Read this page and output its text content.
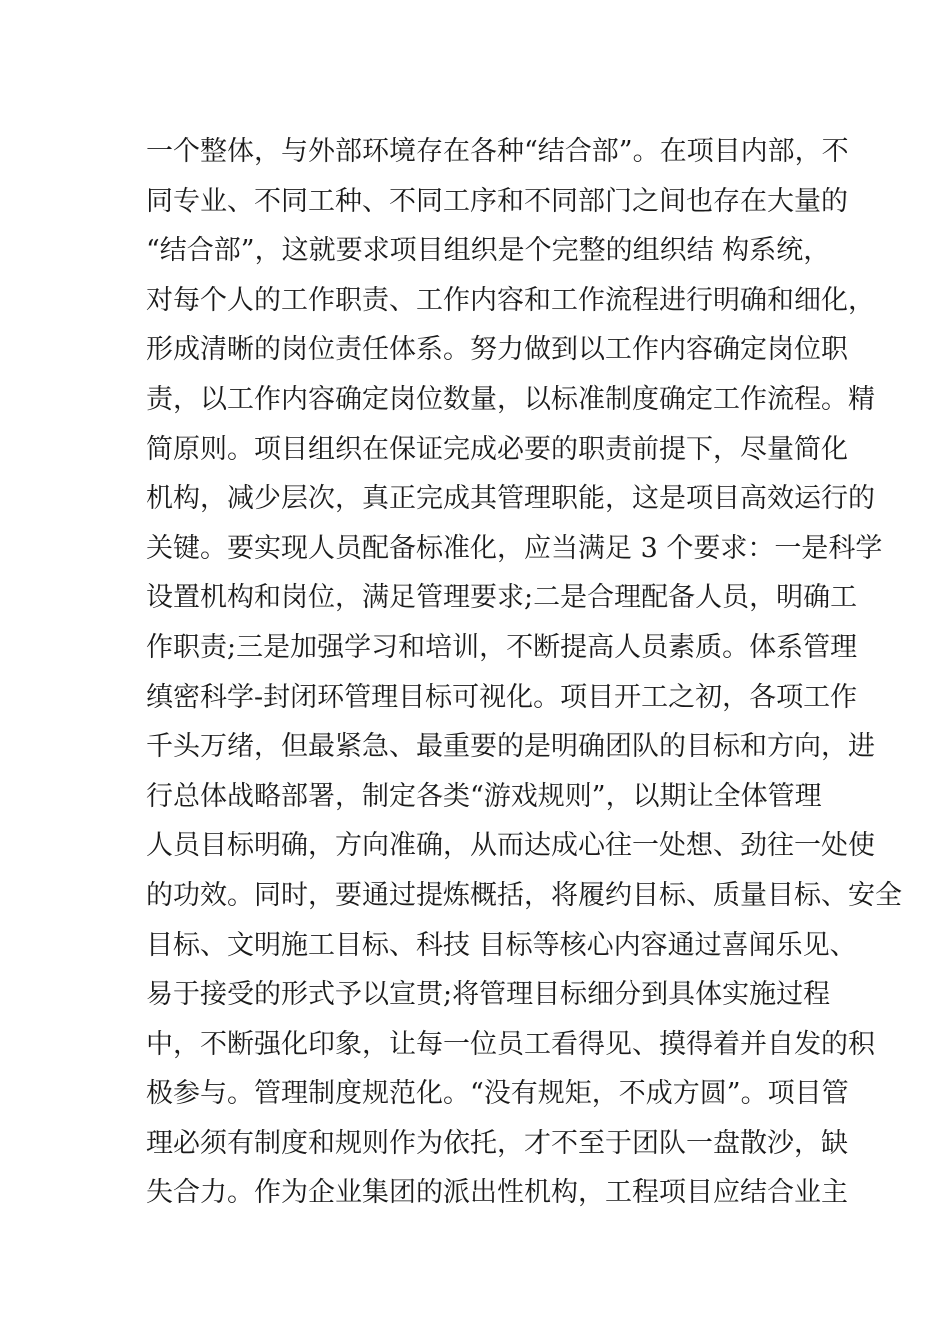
一个整体，与外部环境存在各种“结合部”。在项目内部，不
同专业、不同工种、不同工序和不同部门之间也存在大量的
“结合部”，这就要求项目组织是个完整的组织结 构系统，
对每个人的工作职责、工作内容和工作流程进行明确和细化，
形成清晰的岗位责任体系。努力做到以工作内容确定岗位职
责，以工作内容确定岗位数量，以标准制度确定工作流程。精
简原则。项目组织在保证完成必要的职责前提下，尽量简化
机构，减少层次，真正完成其管理职能，这是项目高效运行的
关键。要实现人员配备标准化，应当满足 3 个要求：一是科学
设置机构和岗位，满足管理要求;二是合理配备人员，明确工
作职责;三是加强学习和培训，不断提高人员素质。体系管理
缜密科学-封闭环管理目标可视化。项目开工之初，各项工作
千头万绪，但最紧急、最重要的是明确团队的目标和方向，进
行总体战略部署，制定各类“游戏规则”，以期让全体管理
人员目标明确，方向准确，从而达成心往一处想、劲往一处使
的功效。同时，要通过提炼概括，将履约目标、质量目标、安全
目标、文明施工目标、科技 目标等核心内容通过喜闻乐见、
易于接受的形式予以宣贯;将管理目标细分到具体实施过程
中，不断强化印象，让每一位员工看得见、摸得着并自发的积
极参与。管理制度规范化。“没有规矩，不成方圆”。项目管
理必须有制度和规则作为依托，才不至于团队一盘散沙，缺
失合力。作为企业集团的派出性机构，工程项目应结合业主
